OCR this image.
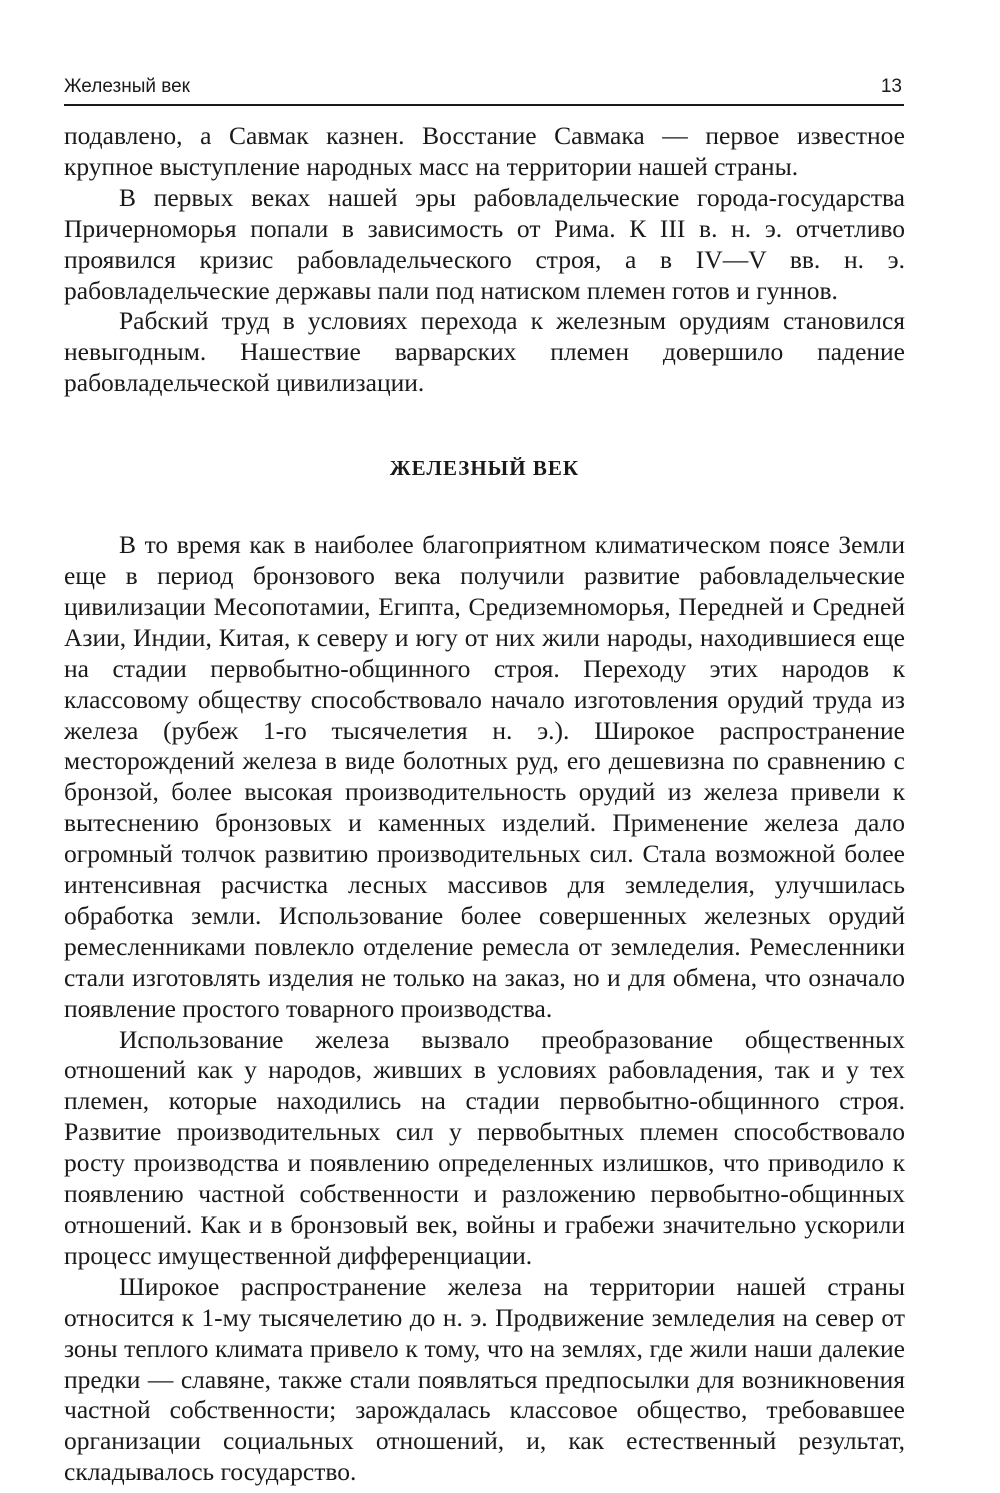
Железный век	13

подавлено, а Савмак казнен. Восстание Савмака — первое известное крупное выступление народных масс на территории нашей страны.

В первых веках нашей эры рабовладельческие города-государства Причерноморья попали в зависимость от Рима. К III в. н. э. отчетливо проявился кризис рабовладельческого строя, а в IV—V вв. н. э. рабовладельческие державы пали под натиском племен готов и гуннов.

Рабский труд в условиях перехода к железным орудиям становился невыгодным. Нашествие варварских племен довершило падение рабовладельческой цивилизации.

ЖЕЛЕЗНЫЙ ВЕК

В то время как в наиболее благоприятном климатическом поясе Земли еще в период бронзового века получили развитие рабовладельческие цивилизации Месопотамии, Египта, Средиземноморья, Передней и Средней Азии, Индии, Китая, к северу и югу от них жили народы, находившиеся еще на стадии первобытно-общинного строя. Переходу этих народов к классовому обществу способствовало начало изготовления орудий труда из железа (рубеж 1-го тысячелетия н. э.). Широкое распространение месторождений железа в виде болотных руд, его дешевизна по сравнению с бронзой, более высокая производительность орудий из железа привели к вытеснению бронзовых и каменных изделий. Применение железа дало огромный толчок развитию производительных сил. Стала возможной более интенсивная расчистка лесных массивов для земледелия, улучшилась обработка земли. Использование более совершенных железных орудий ремесленниками повлекло отделение ремесла от земледелия. Ремесленники стали изготовлять изделия не только на заказ, но и для обмена, что означало появление простого товарного производства.

Использование железа вызвало преобразование общественных отношений как у народов, живших в условиях рабовладения, так и у тех племен, которые находились на стадии первобытно-общинного строя. Развитие производительных сил у первобытных племен способствовало росту производства и появлению определенных излишков, что приводило к появлению частной собственности и разложению первобытно-общинных отношений. Как и в бронзовый век, войны и грабежи значительно ускорили процесс имущественной дифференциации.

Широкое распространение железа на территории нашей страны относится к 1-му тысячелетию до н. э. Продвижение земледелия на север от зоны теплого климата привело к тому, что на землях, где жили наши далекие предки — славяне, также стали появляться предпосылки для возникновения частной собственности; зарождалась классовое общество, требовавшее организации социальных отношений, и, как естественный результат, складывалось государство.
